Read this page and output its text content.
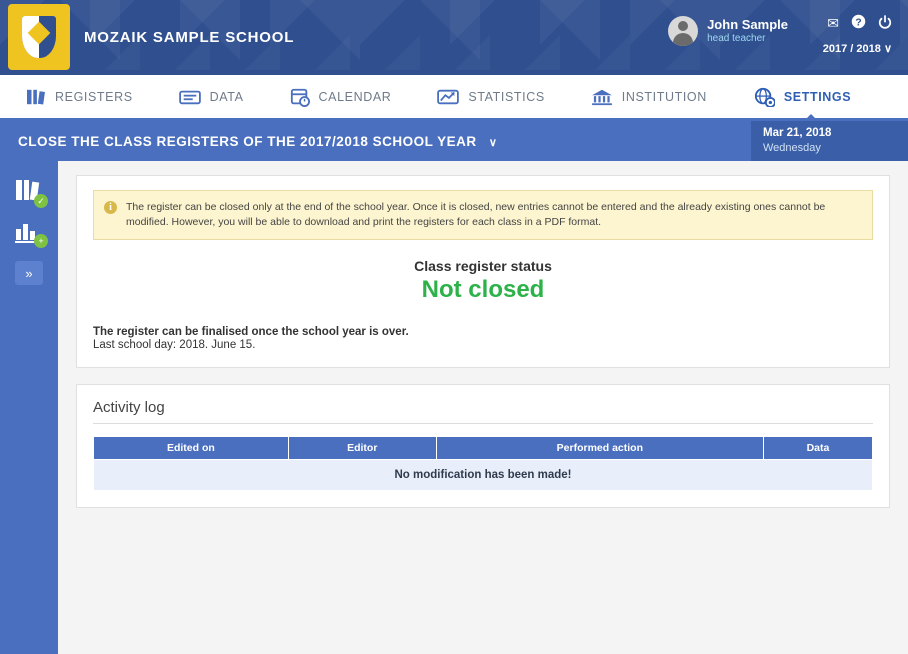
MOZAIK SAMPLE SCHOOL
John Sample
head teacher
✉ ?
2017 / 2018 ∨
REGISTERS	DATA	CALENDAR	STATISTICS	INSTITUTION	SETTINGS
CLOSE THE CLASS REGISTERS OF THE 2017/2018 SCHOOL YEAR ∨
Mar 21, 2018
Wednesday
✓
+
»
i	The register can be closed only at the end of the school year. Once it is closed, new entries cannot be entered and the already existing ones cannot be modified. However, you will be able to download and print the registers for each class in a PDF format.
Class register status
Not closed
The register can be finalised once the school year is over.
Last school day: 2018. June 15.
Activity log
Edited on	Editor	Performed action	Data
No modification has been made!
